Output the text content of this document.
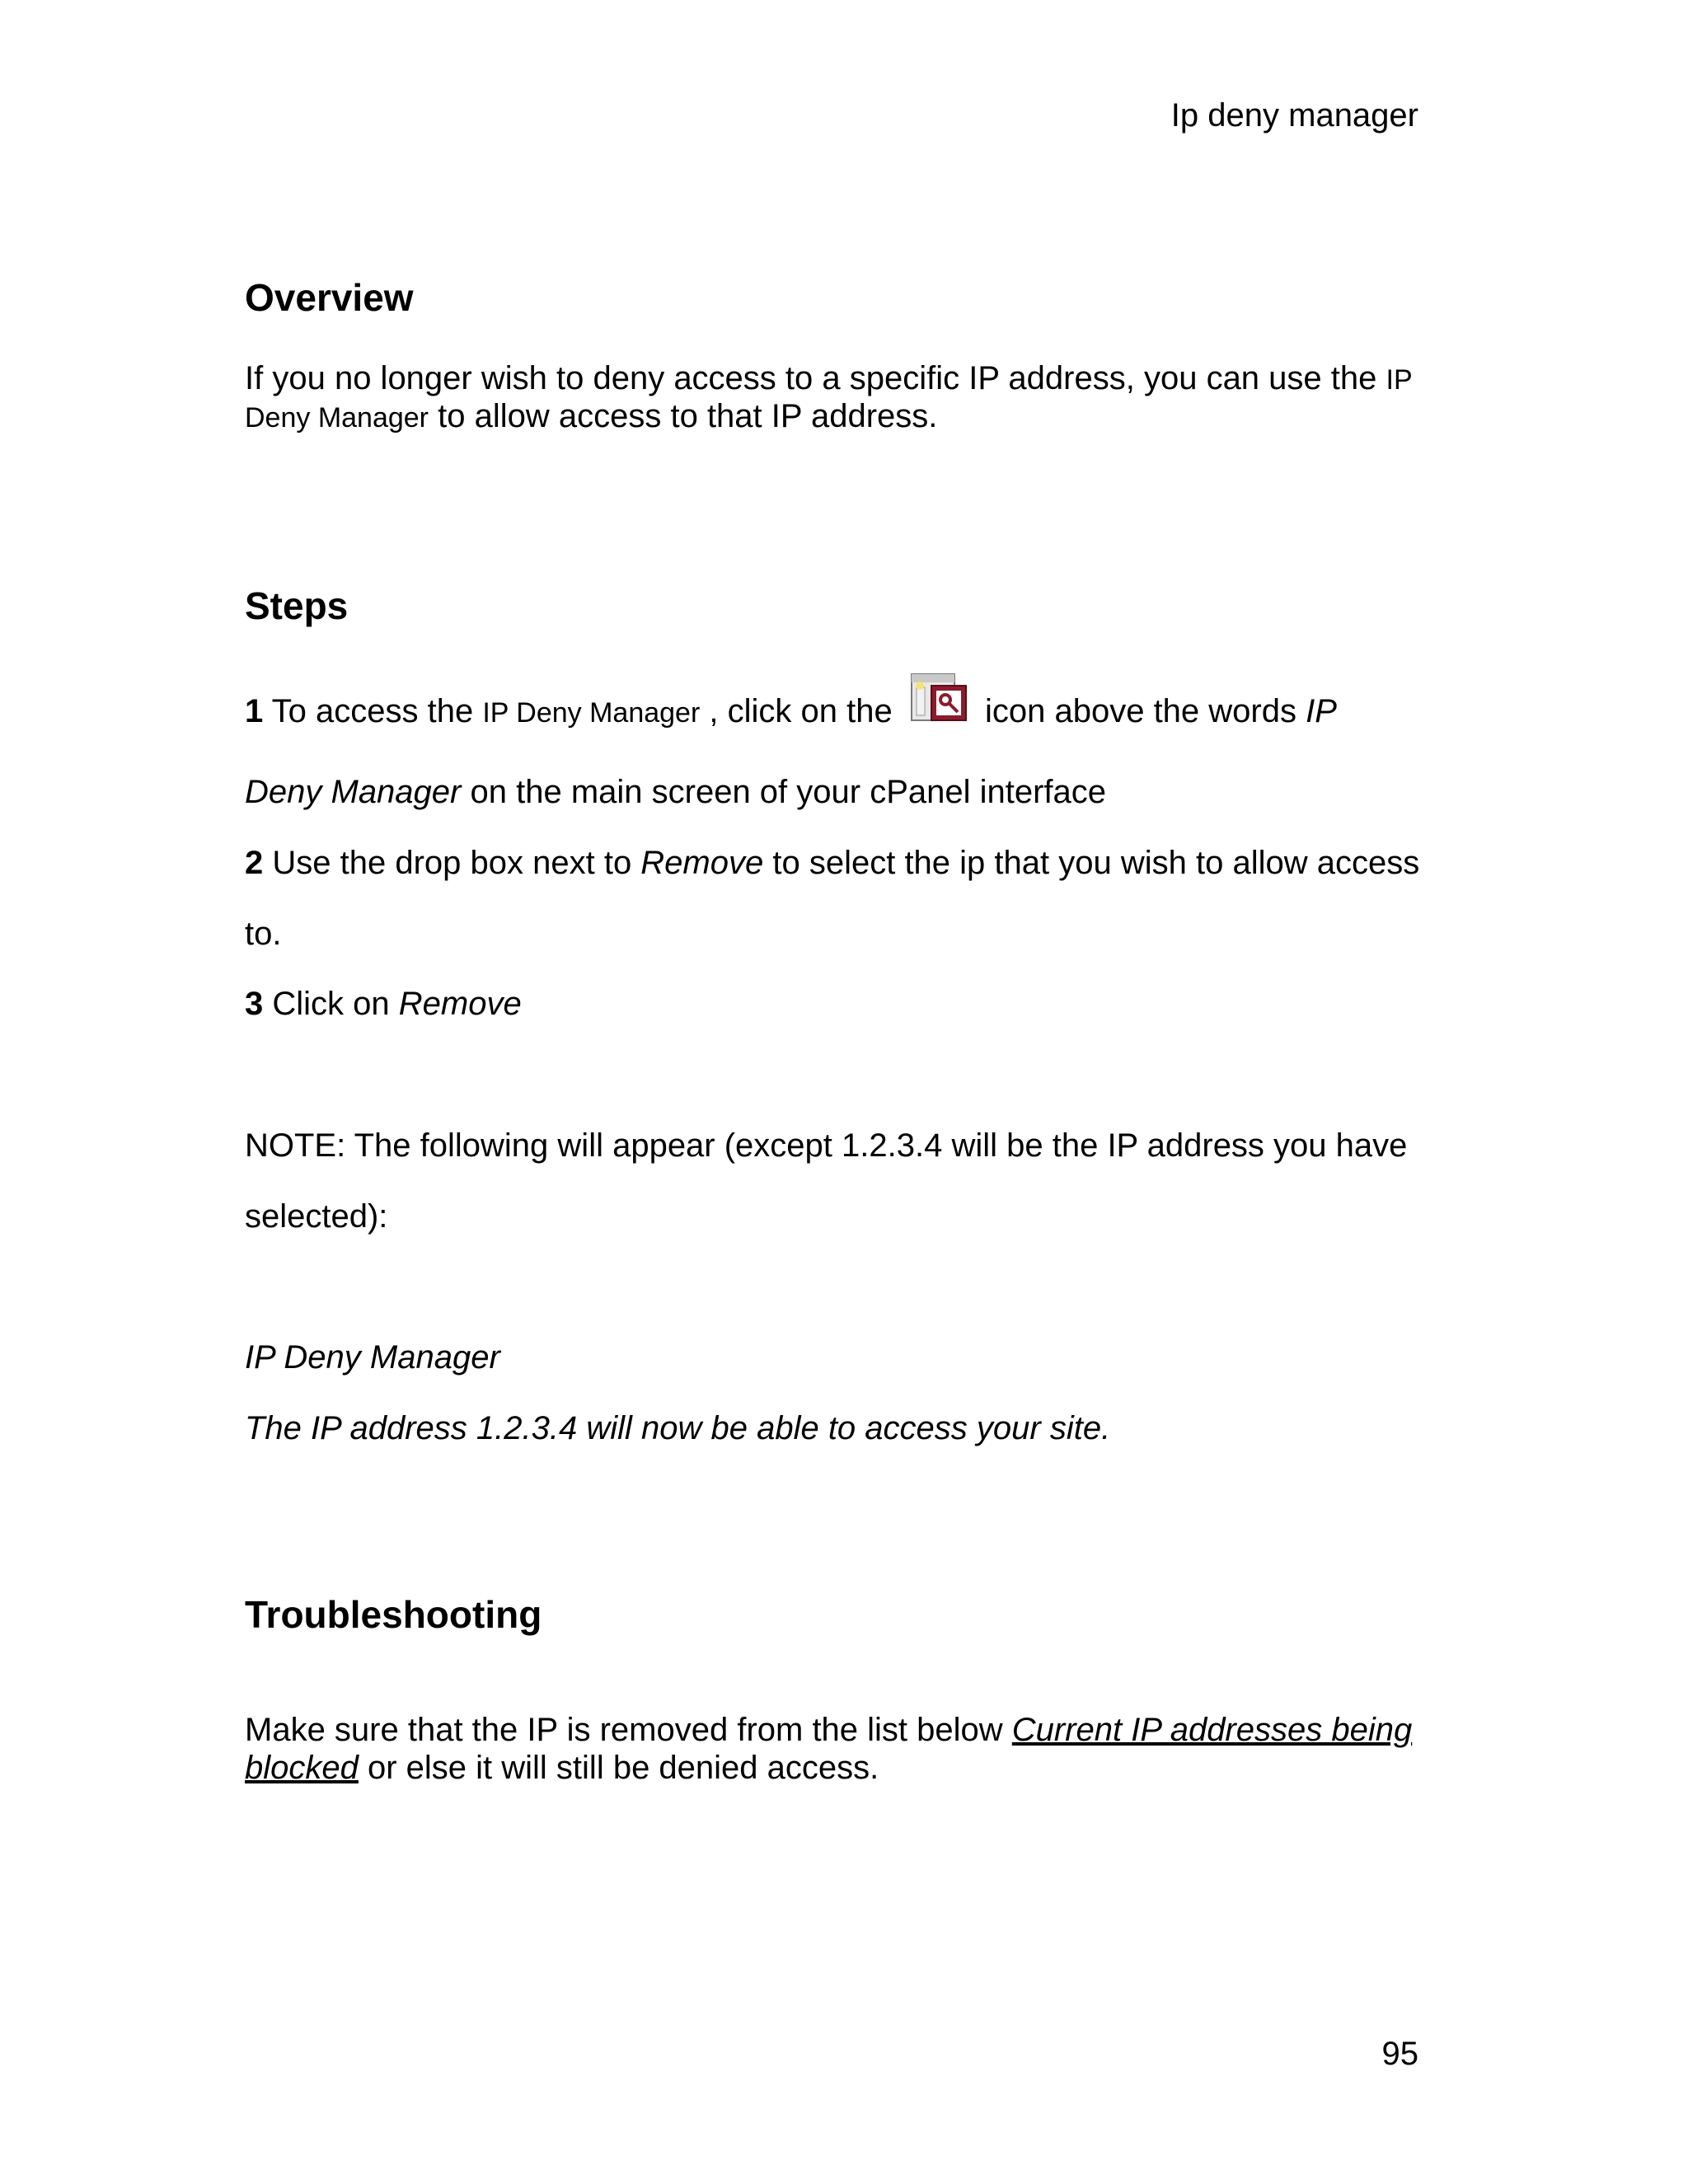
Ip deny manager
Overview
If you no longer wish to deny access to a specific IP address, you can use the IP
Deny Manager to allow access to that IP address.
Steps
1 To access the IP Deny Manager , click on the  icon above the words IP
Deny Manager on the main screen of your cPanel interface
2 Use the drop box next to Remove to select the ip that you wish to allow access
to.
3 Click on Remove
NOTE: The following will appear (except 1.2.3.4 will be the IP address you have
selected):
IP Deny Manager
The IP address 1.2.3.4 will now be able to access your site.
Troubleshooting
Make sure that the IP is removed from the list below Current IP addresses being
blocked or else it will still be denied access.
95
